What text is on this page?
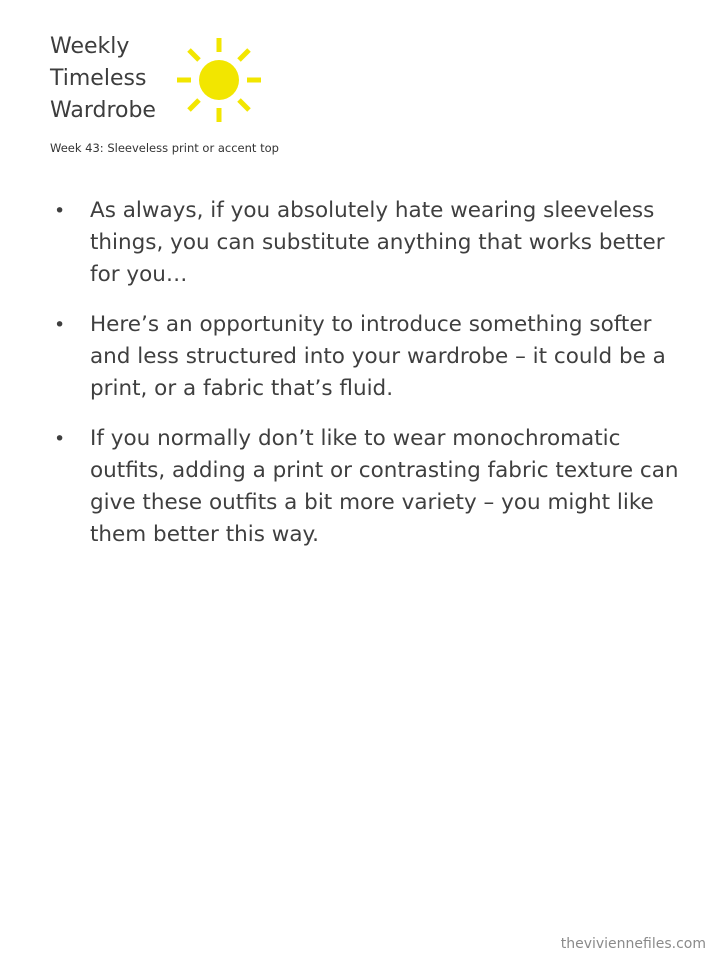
Weekly
Timeless
Wardrobe
Week 43: Sleeveless print or accent top
• As always, if you absolutely hate wearing sleeveless things, you can substitute anything that works better for you…
• Here’s an opportunity to introduce something softer and less structured into your wardrobe – it could be a print, or a fabric that’s fluid.
• If you normally don’t like to wear monochromatic outfits, adding a print or contrasting fabric texture can give these outfits a bit more variety – you might like them better this way.
theviviennefiles.com
